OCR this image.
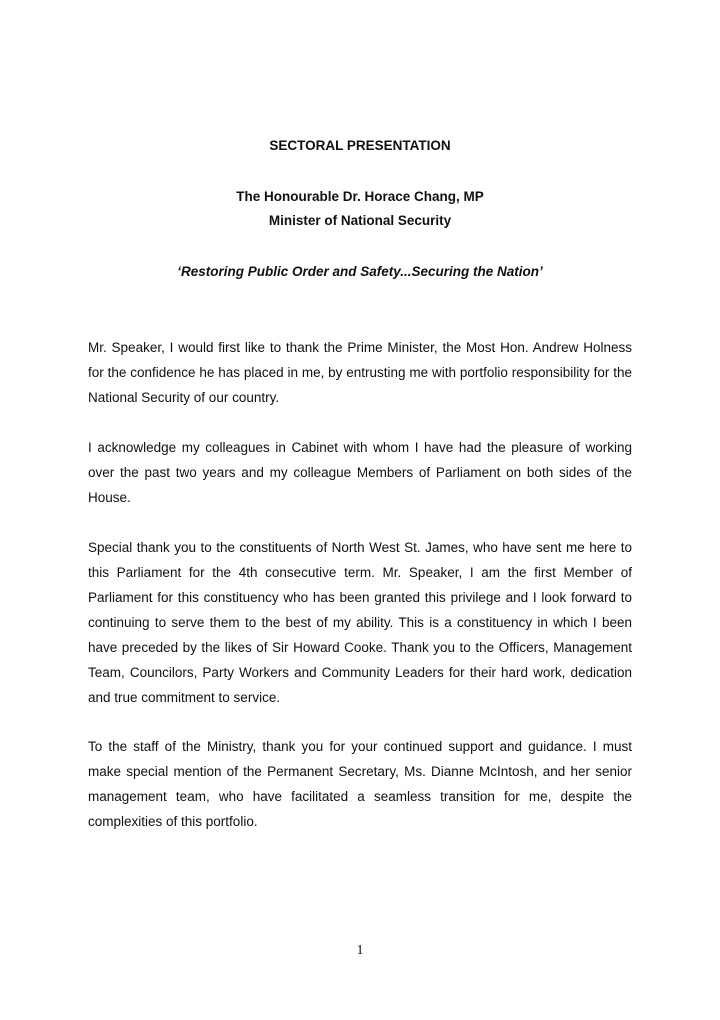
SECTORAL PRESENTATION
The Honourable Dr. Horace Chang, MP
Minister of National Security
‘Restoring Public Order and Safety...Securing the Nation’

Mr. Speaker, I would first like to thank the Prime Minister, the Most Hon. Andrew Holness for the confidence he has placed in me, by entrusting me with portfolio responsibility for the National Security of our country.

I acknowledge my colleagues in Cabinet with whom I have had the pleasure of working over the past two years and my colleague Members of Parliament on both sides of the House.

Special thank you to the constituents of North West St. James, who have sent me here to this Parliament for the 4th consecutive term. Mr. Speaker, I am the first Member of Parliament for this constituency who has been granted this privilege and I look forward to continuing to serve them to the best of my ability. This is a constituency in which I been have preceded by the likes of Sir Howard Cooke. Thank you to the Officers, Management Team, Councilors, Party Workers and Community Leaders for their hard work, dedication and true commitment to service.

To the staff of the Ministry, thank you for your continued support and guidance. I must make special mention of the Permanent Secretary, Ms. Dianne McIntosh, and her senior management team, who have facilitated a seamless transition for me, despite the complexities of this portfolio.

1
